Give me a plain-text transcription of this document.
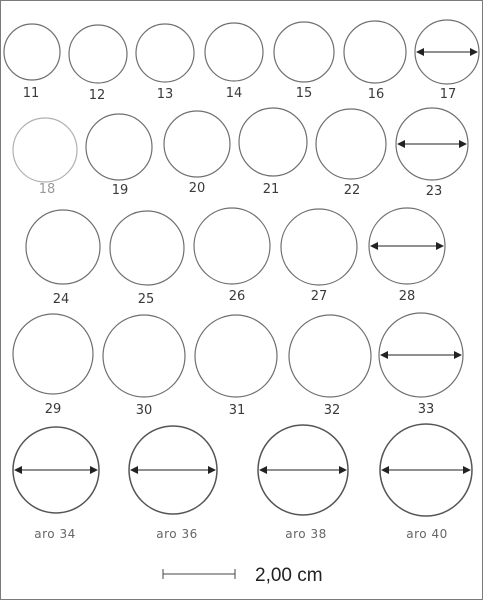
11	12	13	14	15	16	17
18	19	20	21	22	23
24	25	26	27	28
29	30	31	32	33
aro 34	aro 36	aro 38	aro 40
2,00 cm
